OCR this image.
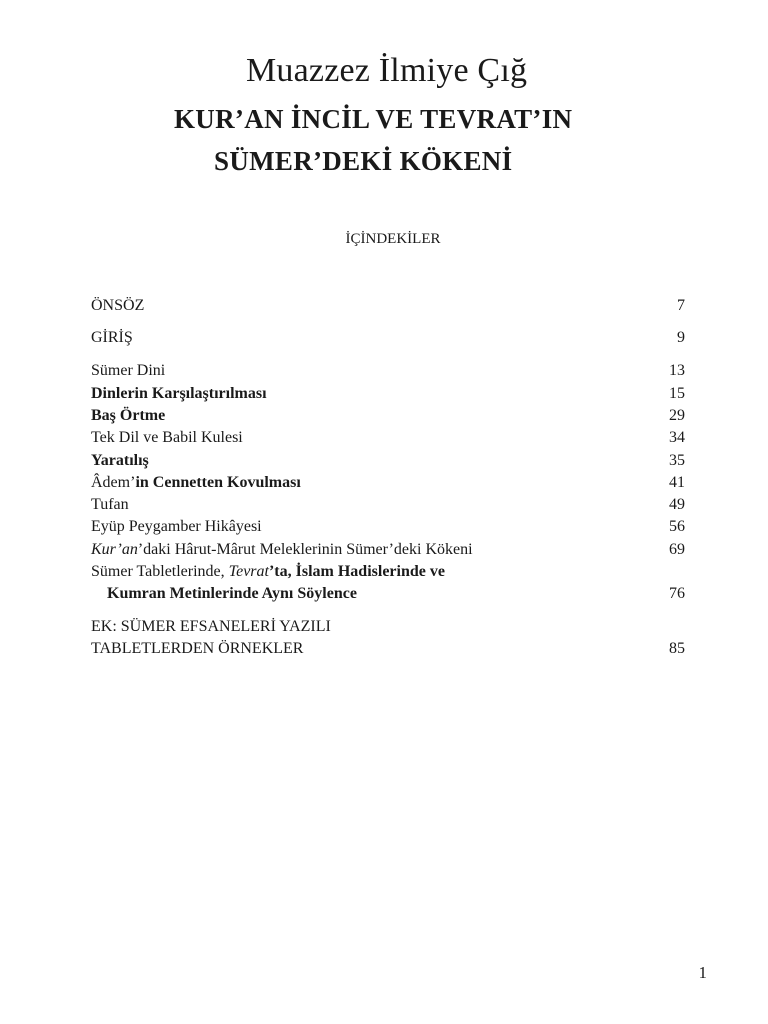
Muazzez İlmiye Çığ
KUR’AN İNCİL VE TEVRAT’IN
SÜMER’DEKİ KÖKENİ
İÇİNDEKİLER
ÖNSÖZ	7
GİRİŞ	9
Sümer Dini	13
Dinlerin Karşılaştırılması	15
Baş Örtme	29
Tek Dil ve Babil Kulesi	34
Yaratılış	35
Âdem’in Cennetten Kovulması	41
Tufan	49
Eyüp Peygamber Hikâyesi	56
Kur’an’daki Hârut-Mârut Meleklerinin Sümer’deki Kökeni	69
Sümer Tabletlerinde, Tevrat’ta, İslam Hadislerinde ve
Kumran Metinlerinde Aynı Söylence	76
EK: SÜMER EFSANELERİ YAZILI
TABLETLERDEN ÖRNEKLER	85
1
